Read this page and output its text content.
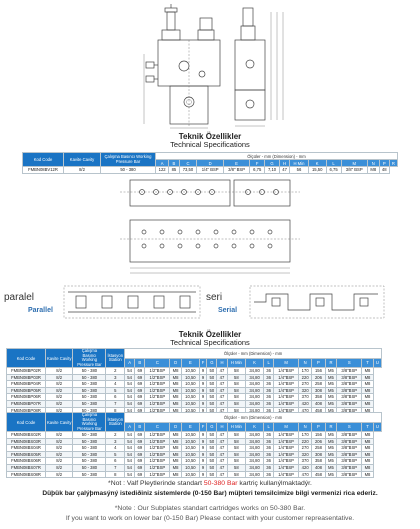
Teknik Özellikler
Technical Specifications
Kod Code	Kavite Cavity	Çalışma Basıncı Working Pressure Bar	Ölçüler - mm (Dimension) - mm														
			A	B	C	D	E	F	G	H	H Min	K	L	M	N	P	R
FMBN08BV12R	8/2	50 - 380	122	85	73,50	1/4" BSP	3/8" BSP	6,75	7,10	47	56	15,50	6,75	3/8" BSP	M8	48	
paralel
Parallel
seri
Serial
Teknik Özellikler
Technical Specifications
Kod Code	Kavite Cavity	Çalışma Basıncı Working Pressure Bar	İstasyon Station	Ölçüler - mm (Dimension) - mm																	
				A	B	C	D	E	F	G	H	H Min	K	L	M	N	P	R	S	T	U
FMBN08BP02R	8/2	50 - 380	2	54	69	1/2"BSP	M8	10,50	9	50	47	58	34,80	36	1/4"BSP	170	156	M5	3/8"BSP	M8	
FMBN08BP03R	8/2	50 - 380	3	54	69	1/2"BSP	M8	10,50	9	50	47	58	34,80	36	1/4"BSP	220	206	M5	3/8"BSP	M8	
FMBN08BP04R	8/2	50 - 380	4	54	69	1/2"BSP	M8	10,50	9	50	47	58	34,80	36	1/4"BSP	270	258	M5	3/8"BSP	M8	
FMBN08BP05R	8/2	50 - 380	5	54	69	1/2"BSP	M8	10,50	9	50	47	58	34,80	36	1/4"BSP	320	308	M5	3/8"BSP	M8	
FMBN08BP06R	8/2	50 - 380	6	54	69	1/2"BSP	M8	10,50	9	50	47	58	34,80	36	1/4"BSP	370	358	M5	3/8"BSP	M8	
FMBN08BP07R	8/2	50 - 380	7	54	69	1/2"BSP	M8	10,50	9	50	47	58	34,80	36	1/4"BSP	420	408	M5	3/8"BSP	M8	
FMBN08BP08R	8/2	50 - 380	8	54	69	1/2"BSP	M8	10,50	9	50	47	58	34,80	36	1/4"BSP	470	458	M5	3/8"BSP	M8	
Kod Code	Kavite Cavity	Çalışma Basıncı Working Pressure Bar	İstasyon Station	Ölçüler - mm (Dimension) - mm																	
				A	B	C	D	E	F	G	H	H Min	K	L	M	N	P	R	S	T	U
FMBN08BS02R	8/2	50 - 380	2	54	69	1/2"BSP	M8	10,50	9	50	47	58	34,80	36	1/4"BSP	170	156	M5	3/8"BSP	M8	
FMBN08BS03R	8/2	50 - 380	3	54	69	1/2"BSP	M8	10,50	9	50	47	58	34,80	36	1/4"BSP	220	206	M5	3/8"BSP	M8	
FMBN08BS04R	8/2	50 - 380	4	54	69	1/2"BSP	M8	10,50	9	50	47	58	34,80	36	1/4"BSP	270	258	M5	3/8"BSP	M8	
FMBN08BS05R	8/2	50 - 380	5	54	69	1/2"BSP	M8	10,50	9	50	47	58	34,80	36	1/4"BSP	320	308	M5	3/8"BSP	M8	
FMBN08BS06R	8/2	50 - 380	6	54	69	1/2"BSP	M8	10,50	9	50	47	58	34,80	36	1/4"BSP	370	358	M5	3/8"BSP	M8	
FMBN08BS07R	8/2	50 - 380	7	54	69	1/2"BSP	M8	10,50	9	50	47	58	34,80	36	1/4"BSP	420	408	M5	3/8"BSP	M8	
FMBN08BS08R	8/2	50 - 380	8	54	69	1/2"BSP	M8	10,50	9	50	47	58	34,80	36	1/4"BSP	470	458	M5	3/8"BSP	M8	
*Not : Valf Pleytlerinde standart 50-380 Bar kartriç kullanýlmaktadýr.
Düþük bar çalýþmasýný istediðiniz sistemlerde (0-150 Bar) müþteri temsilcimize bilgi vermenizi rica ederiz.
*Note : Our Subplates standart cartridges works on 50-380 Bar.
If you want to work on lower bar (0-150 Bar) Please contact with your customer repreasentative.
